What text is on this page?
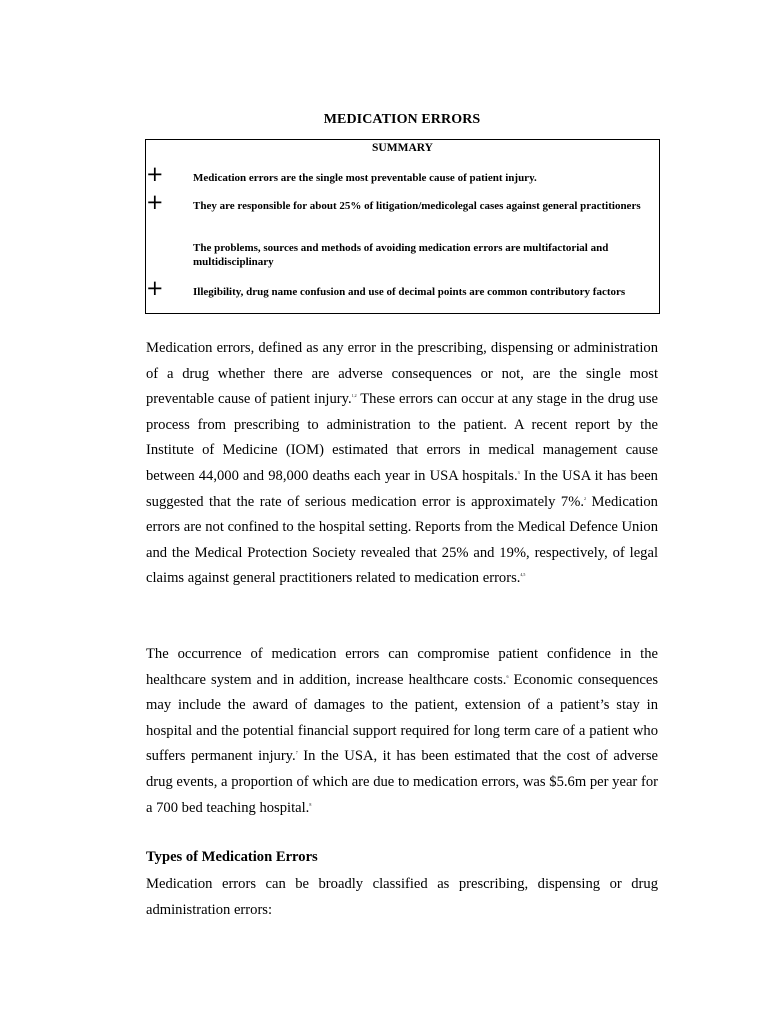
MEDICATION ERRORS
SUMMARY
+	Medication errors are the single most preventable cause of patient injury.
+	They are responsible for about 25% of litigation/medicolegal cases against general practitioners
The problems, sources and methods of avoiding medication errors are multifactorial and multidisciplinary
+	Illegibility, drug name confusion and use of decimal points are common contributory factors

Medication errors, defined as any error in the prescribing, dispensing or administration of a drug whether there are adverse consequences or not, are the single most preventable cause of patient injury.$^{1,2}$ These errors can occur at any stage in the drug use process from prescribing to administration to the patient. A recent report by the Institute of Medicine (IOM) estimated that errors in medical management cause between 44,000 and 98,000 deaths each year in USA hospitals.$^3$ In the USA it has been suggested that the rate of serious medication error is approximately 7%.$^2$ Medication errors are not confined to the hospital setting. Reports from the Medical Defence Union and the Medical Protection Society revealed that 25% and 19%, respectively, of legal claims against general practitioners related to medication errors.$^{4,5}$

The occurrence of medication errors can compromise patient confidence in the healthcare system and in addition, increase healthcare costs.$^6$ Economic consequences may include the award of damages to the patient, extension of a patient’s stay in hospital and the potential financial support required for long term care of a patient who suffers permanent injury.$^7$ In the USA, it has been estimated that the cost of adverse drug events, a proportion of which are due to medication errors, was $5.6m per year for a 700 bed teaching hospital.$^8$

Types of Medication Errors

Medication errors can be broadly classified as prescribing, dispensing or drug administration errors:
